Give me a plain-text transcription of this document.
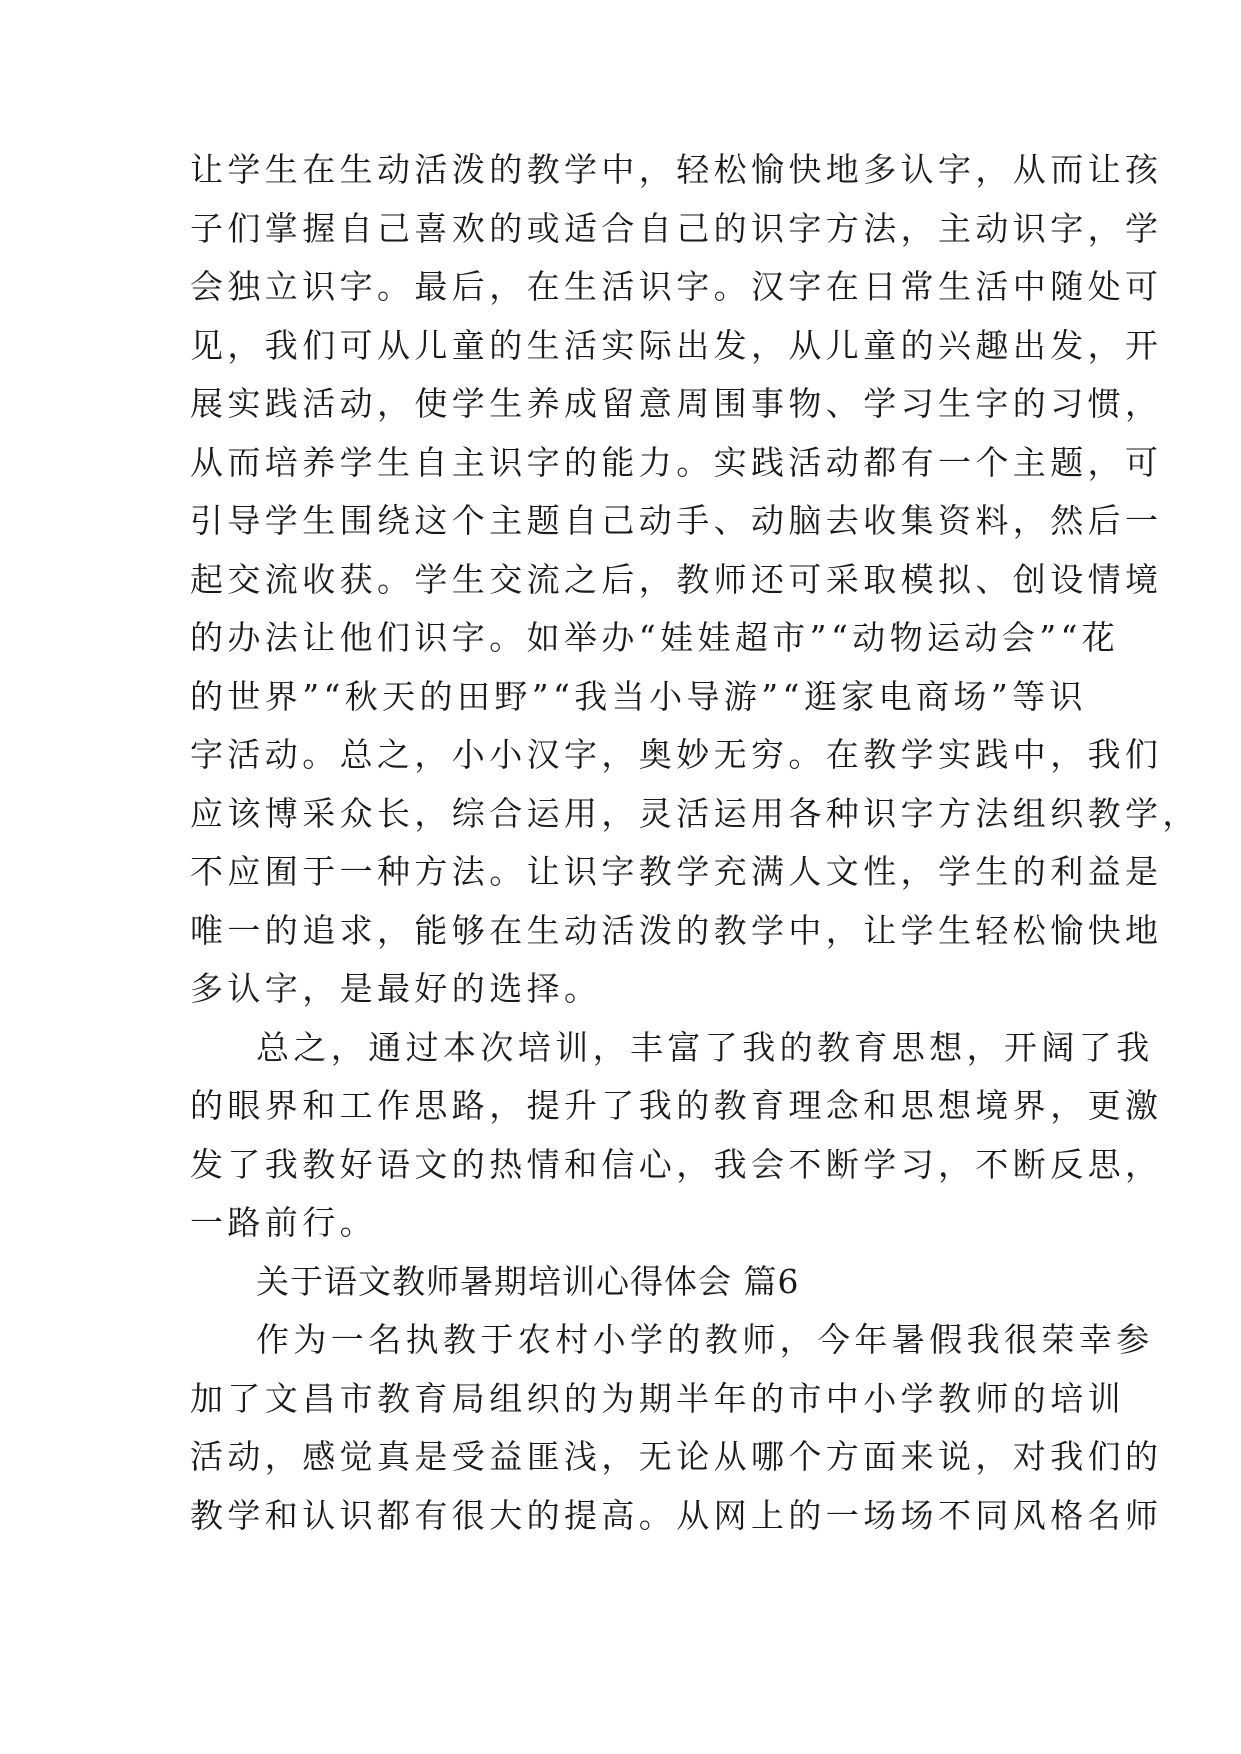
让学生在生动活泼的教学中，轻松愉快地多认字，从而让孩
子们掌握自己喜欢的或适合自己的识字方法，主动识字，学
会独立识字。最后，在生活识字。汉字在日常生活中随处可
见，我们可从儿童的生活实际出发，从儿童的兴趣出发，开
展实践活动，使学生养成留意周围事物、学习生字的习惯，
从而培养学生自主识字的能力。实践活动都有一个主题，可
引导学生围绕这个主题自己动手、动脑去收集资料，然后一
起交流收获。学生交流之后，教师还可采取模拟、创设情境
的办法让他们识字。如举办“娃娃超市”“动物运动会”“花
的世界”“秋天的田野”“我当小导游”“逛家电商场”等识
字活动。总之，小小汉字，奥妙无穷。在教学实践中，我们
应该博采众长，综合运用，灵活运用各种识字方法组织教学，
不应囿于一种方法。让识字教学充满人文性，学生的利益是
唯一的追求，能够在生动活泼的教学中，让学生轻松愉快地
多认字，是最好的选择。
总之，通过本次培训，丰富了我的教育思想，开阔了我
的眼界和工作思路，提升了我的教育理念和思想境界，更激
发了我教好语文的热情和信心，我会不断学习，不断反思，
一路前行。
关于语文教师暑期培训心得体会 篇6
作为一名执教于农村小学的教师，今年暑假我很荣幸参
加了文昌市教育局组织的为期半年的市中小学教师的培训
活动，感觉真是受益匪浅，无论从哪个方面来说，对我们的
教学和认识都有很大的提高。从网上的一场场不同风格名师
